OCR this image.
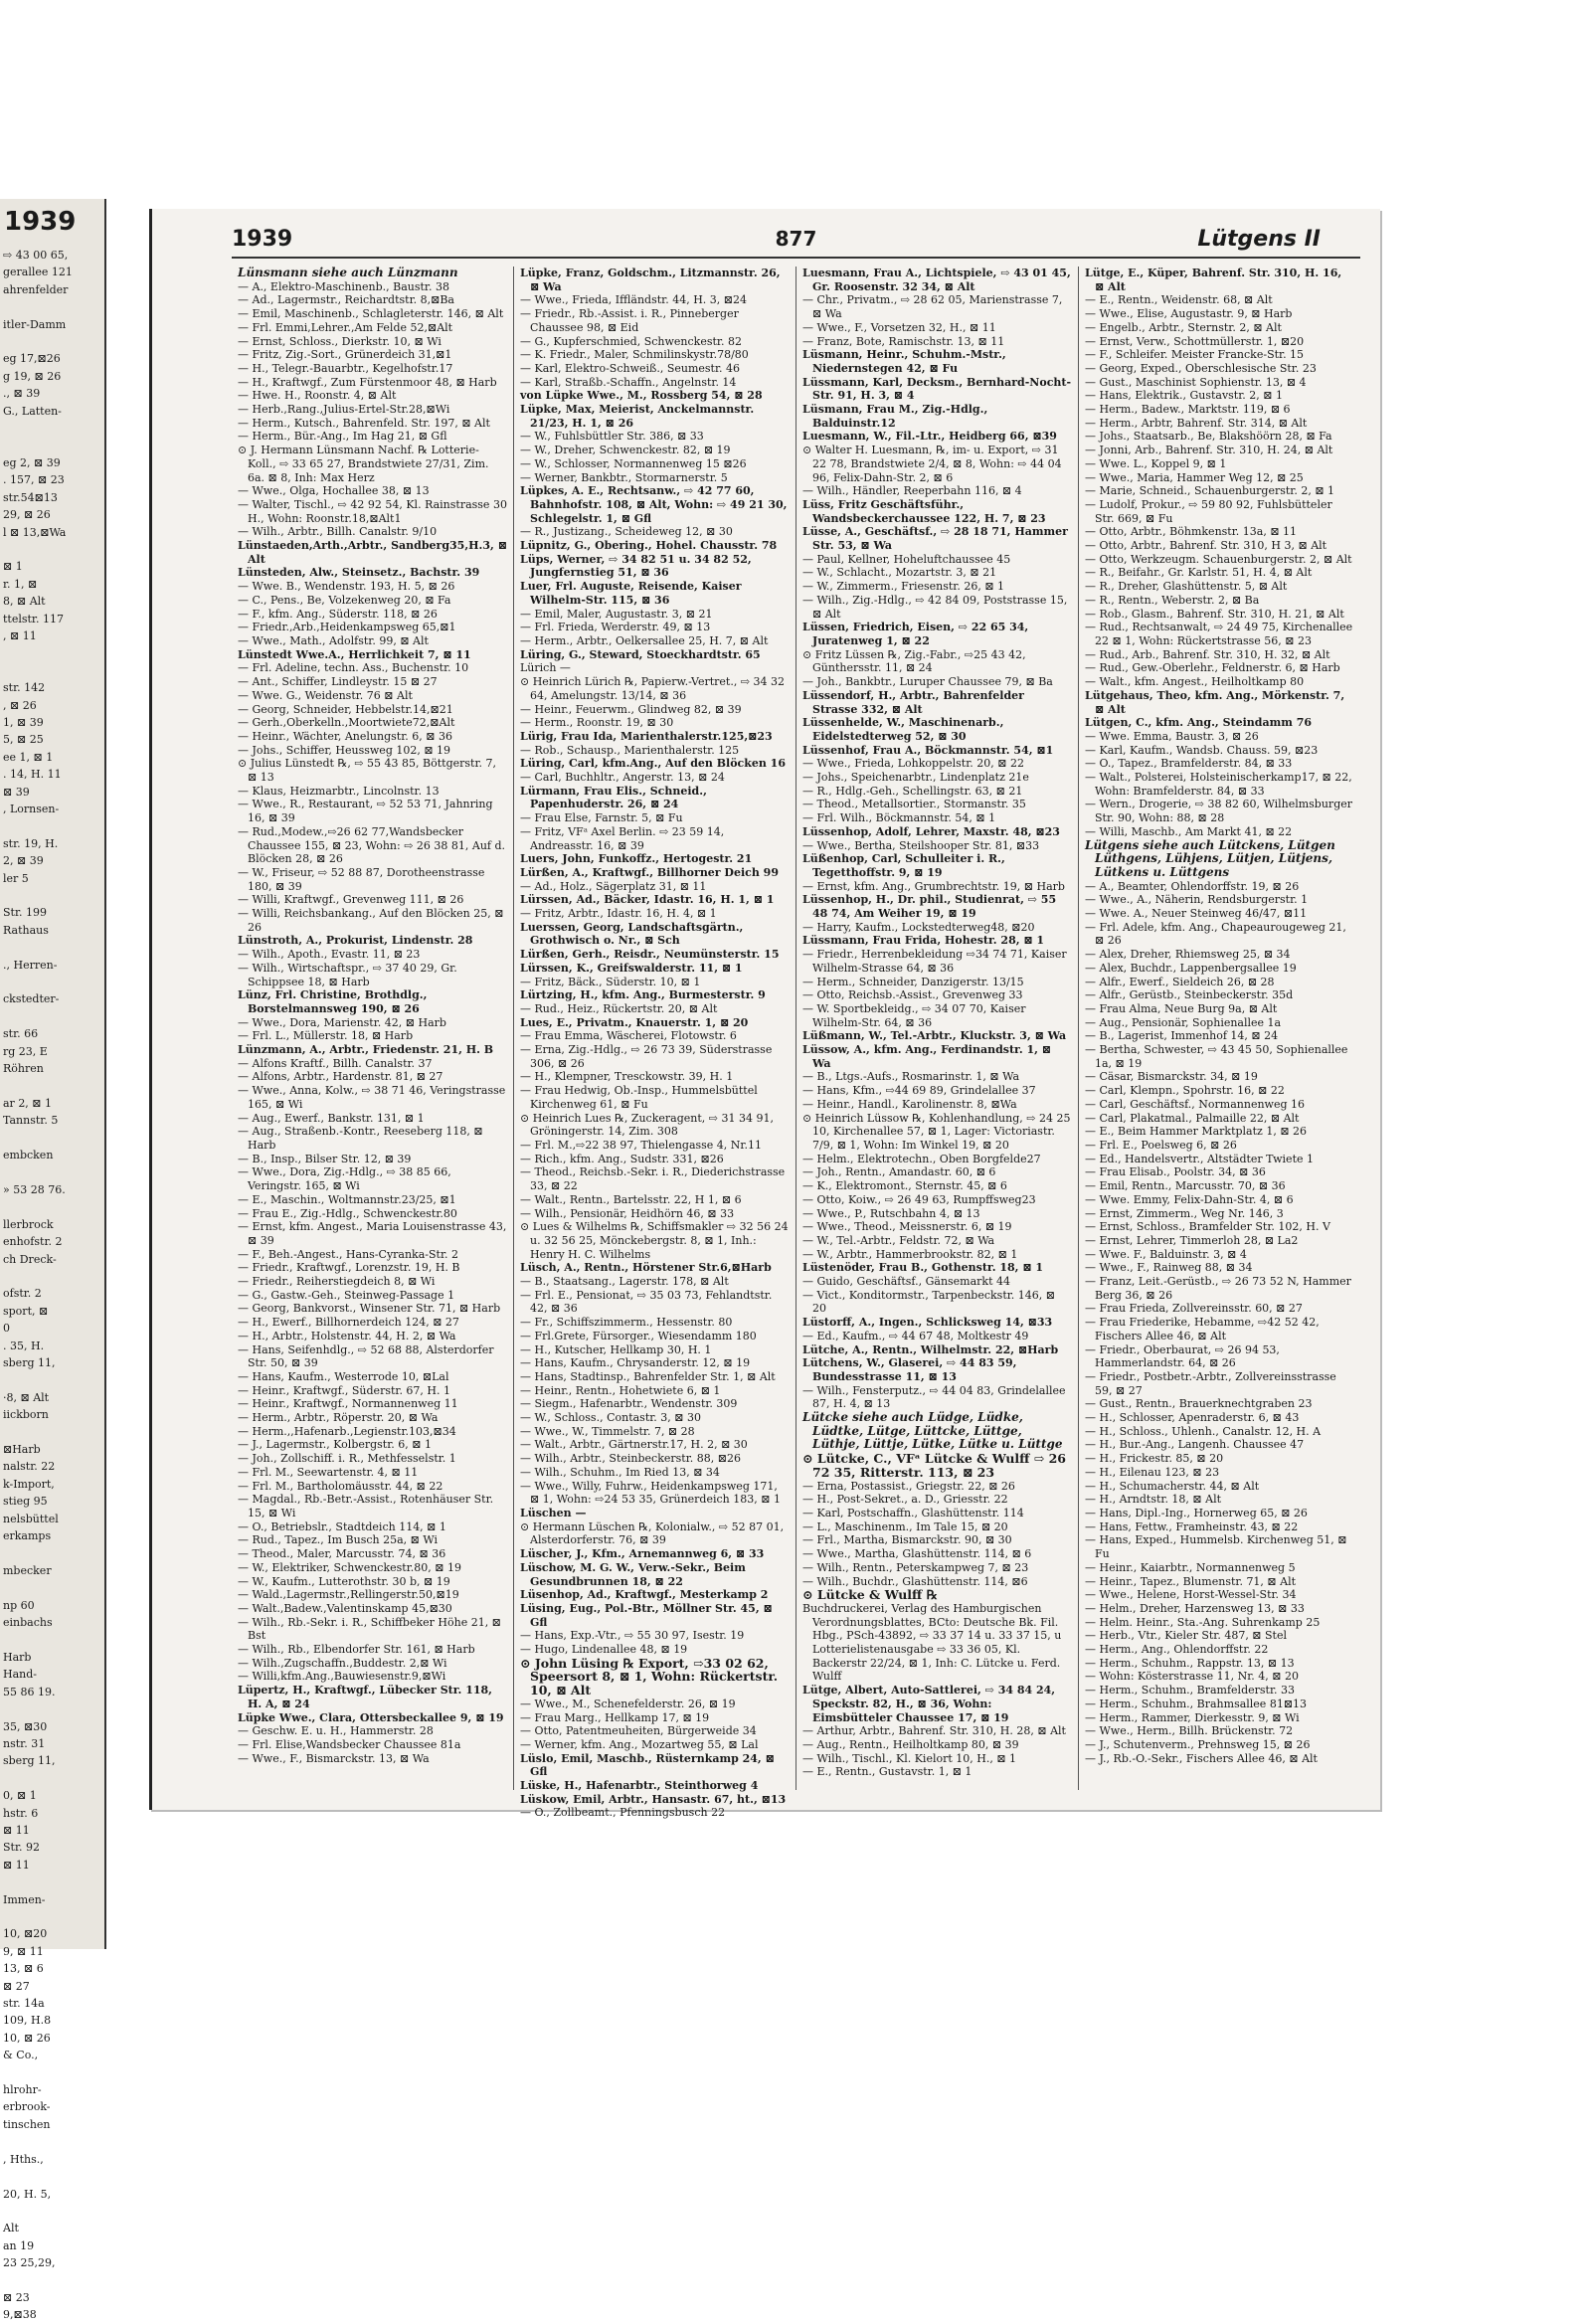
1939
⇨ 43 00 65,
gerallee 121
ahrenfelder

itler-Damm

eg 17,⊠26
g 19, ⊠ 26
., ⊠ 39
G., Latten-

eg 2, ⊠ 39
. 157, ⊠ 23
str.54⊠13
29, ⊠ 26
l ⊠ 13,⊠Wa

⊠ 1
r. 1, ⊠
8, ⊠ Alt
ttelstr. 117
, ⊠ 11

str. 142
, ⊠ 26
1, ⊠ 39
5, ⊠ 25
ee 1, ⊠ 1
. 14, H. 11
⊠ 39
, Lornsen-

str. 19, H.
2, ⊠ 39
ler 5

Str. 199
Rathaus

., Herren-

ckstedter-

str. 66
rg 23, E
Röhren

ar 2, ⊠ 1
Tannstr. 5

embcken

» 53 28 76.

llerbrock
enhofstr. 2
ch Dreck-

ofstr. 2
sport, ⊠
0
. 35, H.
sberg 11,

·8, ⊠ Alt
iickborn

⊠Harb
nalstr. 22
k-Import,
stieg 95
nelsbüttel
erkamps

mbecker

np 60
einbachs

Harb
Hand-
55 86 19.

35, ⊠30
nstr. 31
sberg 11,

0, ⊠ 1
hstr. 6
⊠ 11
Str. 92
⊠ 11

Immen-

10, ⊠20
9, ⊠ 11
13, ⊠ 6
⊠ 27
str. 14a
109, H.8
10, ⊠ 26
& Co.,

hlrohr-
erbrook-
tinschen

, Hths.,

20, H. 5,

Alt
an 19
23 25,29,

⊠ 23
9,⊠38
1939	877	Lütgens II

Lünsmann siehe auch Lünzmann

— A., Elektro-Maschinenb., Baustr. 38

— Ad., Lagermstr., Reichardtstr. 8,⊠Ba

— Emil, Maschinenb., Schlagleterstr. 146, ⊠ Alt

— Frl. Emmi,Lehrer.,Am Felde 52,⊠Alt

— Ernst, Schloss., Dierkstr. 10, ⊠ Wi

— Fritz, Zig.-Sort., Grünerdeich 31,⊠1

— H., Telegr.-Bauarbtr., Kegelhofstr.17

— H., Kraftwgf., Zum Fürstenmoor 48, ⊠ Harb

— Hwe. H., Roonstr. 4, ⊠ Alt

— Herb.,Rang.,Julius-Ertel-Str.28,⊠Wi

— Herm., Kutsch., Bahrenfeld. Str. 197, ⊠ Alt

— Herm., Bür.-Ang., Im Hag 21, ⊠ Gfl

⊙ J. Hermann Lünsmann Nachf. ℞ Lotterie-Koll., ⇨ 33 65 27, Brandstwiete 27/31, Zim. 6a. ⊠ 8, Inh: Max Herz

— Wwe., Olga, Hochallee 38, ⊠ 13

— Walter, Tischl., ⇨ 42 92 54, Kl. Rainstrasse 30 H., Wohn: Roonstr.18,⊠Alt1

— Wilh., Arbtr., Billh. Canalstr. 9/10

Lünstaeden,Arth.,Arbtr., Sandberg35,H.3, ⊠ Alt

Lünsteden, Alw., Steinsetz., Bachstr. 39

— Wwe. B., Wendenstr. 193, H. 5, ⊠ 26

— C., Pens., Be, Volzekenweg 20, ⊠ Fa

— F., kfm. Ang., Süderstr. 118, ⊠ 26

— Friedr.,Arb.,Heidenkampsweg 65,⊠1

— Wwe., Math., Adolfstr. 99, ⊠ Alt

Lünstedt Wwe.A., Herrlichkeit 7, ⊠ 11

— Frl. Adeline, techn. Ass., Buchenstr. 10

— Ant., Schiffer, Lindleystr. 15 ⊠ 27

— Wwe. G., Weidenstr. 76 ⊠ Alt

— Georg, Schneider, Hebbelstr.14,⊠21

— Gerh.,Oberkelln.,Moortwiete72,⊠Alt

— Heinr., Wächter, Anelungstr. 6, ⊠ 36

— Johs., Schiffer, Heussweg 102, ⊠ 19

⊙ Julius Lünstedt ℞, ⇨ 55 43 85, Böttgerstr. 7, ⊠ 13

— Klaus, Heizmarbtr., Lincolnstr. 13

— Wwe., R., Restaurant, ⇨ 52 53 71, Jahnring 16, ⊠ 39

— Rud.,Modew.,⇨26 62 77,Wandsbecker Chaussee 155, ⊠ 23, Wohn: ⇨ 26 38 81, Auf d. Blöcken 28, ⊠ 26

— W., Friseur, ⇨ 52 88 87, Dorotheenstrasse 180, ⊠ 39

— Willi, Kraftwgf., Grevenweg 111, ⊠ 26

— Willi, Reichsbankang., Auf den Blöcken 25, ⊠ 26

Lünstroth, A., Prokurist, Lindenstr. 28

— Wilh., Apoth., Evastr. 11, ⊠ 23

— Wilh., Wirtschaftspr., ⇨ 37 40 29, Gr. Schippsee 18, ⊠ Harb

Lünz, Frl. Christine, Brothdlg., Borstelmannsweg 190, ⊠ 26

— Wwe., Dora, Marienstr. 42, ⊠ Harb

— Frl. L., Müllerstr. 18, ⊠ Harb

Lünzmann, A., Arbtr., Friedenstr. 21, H. B

— Alfons Kraftf., Billh. Canalstr. 37

— Alfons, Arbtr., Hardenstr. 81, ⊠ 27

— Wwe., Anna, Kolw., ⇨ 38 71 46, Veringstrasse 165, ⊠ Wi

— Aug., Ewerf., Bankstr. 131, ⊠ 1

— Aug., Straßenb.-Kontr., Reeseberg 118, ⊠ Harb

— B., Insp., Bilser Str. 12, ⊠ 39

— Wwe., Dora, Zig.-Hdlg., ⇨ 38 85 66, Veringstr. 165, ⊠ Wi

— E., Maschin., Woltmannstr.23/25, ⊠1

— Frau E., Zig.-Hdlg., Schwenckestr.80

— Ernst, kfm. Angest., Maria Louisenstrasse 43, ⊠ 39

— F., Beh.-Angest., Hans-Cyranka-Str. 2

— Friedr., Kraftwgf., Lorenzstr. 19, H. B

— Friedr., Reiherstiegdeich 8, ⊠ Wi

— G., Gastw.-Geh., Steinweg-Passage 1

— Georg, Bankvorst., Winsener Str. 71, ⊠ Harb

— H., Ewerf., Billhornerdeich 124, ⊠ 27

— H., Arbtr., Holstenstr. 44, H. 2, ⊠ Wa

— Hans, Seifenhdlg., ⇨ 52 68 88, Alsterdorfer Str. 50, ⊠ 39

— Hans, Kaufm., Westerrode 10, ⊠Lal

— Heinr., Kraftwgf., Süderstr. 67, H. 1

— Heinr., Kraftwgf., Normannenweg 11

— Herm., Arbtr., Röperstr. 20, ⊠ Wa

— Herm.,,Hafenarb.,Legienstr.103,⊠34

— J., Lagermstr., Kolbergstr. 6, ⊠ 1

— Joh., Zollschiff. i. R., Methfesselstr. 1

— Frl. M., Seewartenstr. 4, ⊠ 11

— Frl. M., Bartholomäusstr. 44, ⊠ 22

— Magdal., Rb.-Betr.-Assist., Rotenhäuser Str. 15, ⊠ Wi

— O., Betriebslr., Stadtdeich 114, ⊠ 1

— Rud., Tapez., Im Busch 25a, ⊠ Wi

— Theod., Maler, Marcusstr. 74, ⊠ 36

— W., Elektriker, Schwenckestr.80, ⊠ 19

— W., Kaufm., Lutterothstr. 30 b, ⊠ 19

— Wald.,Lagermstr.,Rellingerstr.50,⊠19

— Walt.,Badew.,Valentinskamp 45,⊠30

— Wilh., Rb.-Sekr. i. R., Schiffbeker Höhe 21, ⊠ Bst

— Wilh., Rb., Elbendorfer Str. 161, ⊠ Harb

— Wilh.,Zugschaffn.,Buddestr. 2,⊠ Wi

— Willi,kfm.Ang.,Bauwiesenstr.9,⊠Wi

Lüpertz, H., Kraftwgf., Lübecker Str. 118, H. A, ⊠ 24

Lüpke Wwe., Clara, Ottersbeckallee 9, ⊠ 19

— Geschw. E. u. H., Hammerstr. 28

— Frl. Elise,Wandsbecker Chaussee 81a

— Wwe., F., Bismarckstr. 13, ⊠ Wa

Lüpke, Franz, Goldschm., Litzmannstr. 26, ⊠ Wa

— Wwe., Frieda, Iffländstr. 44, H. 3, ⊠24

— Friedr., Rb.-Assist. i. R., Pinneberger Chaussee 98, ⊠ Eid

— G., Kupferschmied, Schwenckestr. 82

— K. Friedr., Maler, Schmilinskystr.78/80

— Karl, Elektro-Schweiß., Seumestr. 46

— Karl, Straßb.-Schaffn., Angelnstr. 14

von Lüpke Wwe., M., Rossberg 54, ⊠ 28

Lüpke, Max, Meierist, Anckelmannstr. 21/23, H. 1, ⊠ 26

— W., Fuhlsbüttler Str. 386, ⊠ 33

— W., Dreher, Schwenckestr. 82, ⊠ 19

— W., Schlosser, Normannenweg 15 ⊠26

— Werner, Bankbtr., Stormarnerstr. 5

Lüpkes, A. E., Rechtsanw., ⇨ 42 77 60, Bahnhofstr. 108, ⊠ Alt, Wohn: ⇨ 49 21 30, Schlegelstr. 1, ⊠ Gfl

— R., Justizang., Scheideweg 12, ⊠ 30

Lüpnitz, G., Obering., Hohel. Chausstr. 78

Lüps, Werner, ⇨ 34 82 51 u. 34 82 52, Jungfernstieg 51, ⊠ 36

Luer, Frl. Auguste, Reisende, Kaiser Wilhelm-Str. 115, ⊠ 36

— Emil, Maler, Augustastr. 3, ⊠ 21

— Frl. Frieda, Werderstr. 49, ⊠ 13

— Herm., Arbtr., Oelkersallee 25, H. 7, ⊠ Alt

Lüring, G., Steward, Stoeckhardtstr. 65

Lürich —

⊙ Heinrich Lürich ℞, Papierw.-Vertret., ⇨ 34 32 64, Amelungstr. 13/14, ⊠ 36

— Heinr., Feuerwm., Glindweg 82, ⊠ 39

— Herm., Roonstr. 19, ⊠ 30

Lürig, Frau Ida, Marienthalerstr.125,⊠23

— Rob., Schausp., Marienthalerstr. 125

Lüring, Carl, kfm.Ang., Auf den Blöcken 16

— Carl, Buchhltr., Angerstr. 13, ⊠ 24

Lürmann, Frau Elis., Schneid., Papenhuderstr. 26, ⊠ 24

— Frau Else, Farnstr. 5, ⊠ Fu

— Fritz, ⅤFᵃ Axel Berlin. ⇨ 23 59 14, Andreasstr. 16, ⊠ 39

Luers, John, Funkoffz., Hertogestr. 21

Lürßen, A., Kraftwgf., Billhorner Deich 99

— Ad., Holz., Sägerplatz 31, ⊠ 11

Lürssen, Ad., Bäcker, Idastr. 16, H. 1, ⊠ 1

— Fritz, Arbtr., Idastr. 16, H. 4, ⊠ 1

Luerssen, Georg, Landschaftsgärtn., Grothwisch o. Nr., ⊠ Sch

Lürßen, Gerh., Reisdr., Neumünsterstr. 15

Lürssen, K., Greifswalderstr. 11, ⊠ 1

— Fritz, Bäck., Süderstr. 10, ⊠ 1

Lürtzing, H., kfm. Ang., Burmesterstr. 9

— Rud., Heiz., Rückertstr. 20, ⊠ Alt

Lues, E., Privatm., Knauerstr. 1, ⊠ 20

— Frau Emma, Wäscherei, Flotowstr. 6

— Erna, Zig.-Hdlg., ⇨ 26 73 39, Süderstrasse 306, ⊠ 26

— H., Klempner, Tresckowstr. 39, H. 1

— Frau Hedwig, Ob.-Insp., Hummelsbüttel Kirchenweg 61, ⊠ Fu

⊙ Heinrich Lues ℞, Zuckeragent, ⇨ 31 34 91, Gröningerstr. 14, Zim. 308

— Frl. M.,⇨22 38 97, Thielengasse 4, Nr.11

— Rich., kfm. Ang., Sudstr. 331, ⊠26

— Theod., Reichsb.-Sekr. i. R., Diederichstrasse 33, ⊠ 22

— Walt., Rentn., Bartelsstr. 22, H 1, ⊠ 6

— Wilh., Pensionär, Heidhörn 46, ⊠ 33

⊙ Lues & Wilhelms ℞, Schiffsmakler ⇨ 32 56 24 u. 32 56 25, Mönckebergstr. 8, ⊠ 1, Inh.: Henry H. C. Wilhelms

Lüsch, A., Rentn., Hörstener Str.6,⊠Harb

— B., Staatsang., Lagerstr. 178, ⊠ Alt

— Frl. E., Pensionat, ⇨ 35 03 73, Fehlandtstr. 42, ⊠ 36

— Fr., Schiffszimmerm., Hessenstr. 80

— Frl.Grete, Fürsorger., Wiesendamm 180

— H., Kutscher, Hellkamp 30, H. 1

— Hans, Kaufm., Chrysanderstr. 12, ⊠ 19

— Hans, Stadtinsp., Bahrenfelder Str. 1, ⊠ Alt

— Heinr., Rentn., Hohetwiete 6, ⊠ 1

— Siegm., Hafenarbtr., Wendenstr. 309

— W., Schloss., Contastr. 3, ⊠ 30

— Wwe., W., Timmelstr. 7, ⊠ 28

— Walt., Arbtr., Gärtnerstr.17, H. 2, ⊠ 30

— Wilh., Arbtr., Steinbeckerstr. 88, ⊠26

— Wilh., Schuhm., Im Ried 13, ⊠ 34

— Wwe., Willy, Fuhrw., Heidenkampsweg 171, ⊠ 1, Wohn: ⇨24 53 35, Grünerdeich 183, ⊠ 1

Lüschen —

⊙ Hermann Lüschen ℞, Kolonialw., ⇨ 52 87 01, Alsterdorferstr. 76, ⊠ 39

Lüscher, J., Kfm., Arnemannweg 6, ⊠ 33

Lüschow, M. G. W., Verw.-Sekr., Beim Gesundbrunnen 18, ⊠ 22

Lüsenhop, Ad., Kraftwgf., Mesterkamp 2

Lüsing, Eug., Pol.-Btr., Möllner Str. 45, ⊠ Gfl

— Hans, Exp.-Vtr., ⇨ 55 30 97, Isestr. 19

— Hugo, Lindenallee 48, ⊠ 19

⊙ John Lüsing ℞ Export, ⇨33 02 62, Speersort 8, ⊠ 1, Wohn: Rückertstr. 10, ⊠ Alt

— Wwe., M., Schenefelderstr. 26, ⊠ 19

— Frau Marg., Hellkamp 17, ⊠ 19

— Otto, Patentmeuheiten, Bürgerweide 34

— Werner, kfm. Ang., Mozartweg 55, ⊠ Lal

Lüslo, Emil, Maschb., Rüsternkamp 24, ⊠ Gfl

Lüske, H., Hafenarbtr., Steinthorweg 4

Lüskow, Emil, Arbtr., Hansastr. 67, ht., ⊠13

— O., Zollbeamt., Pfenningsbusch 22

Luesmann, Frau A., Lichtspiele, ⇨ 43 01 45, Gr. Roosenstr. 32 34, ⊠ Alt

— Chr., Privatm., ⇨ 28 62 05, Marienstrasse 7, ⊠ Wa

— Wwe., F., Vorsetzen 32, H., ⊠ 11

— Franz, Bote, Ramischstr. 13, ⊠ 11

Lüsmann, Heinr., Schuhm.-Mstr., Niedernstegen 42, ⊠ Fu

Lüssmann, Karl, Decksm., Bernhard-Nocht-Str. 91, H. 3, ⊠ 4

Lüsmann, Frau M., Zig.-Hdlg., Balduinstr.12

Luesmann, W., Fil.-Ltr., Heidberg 66, ⊠39

⊙ Walter H. Luesmann, ℞, im- u. Export, ⇨ 31 22 78, Brandstwiete 2/4, ⊠ 8, Wohn: ⇨ 44 04 96, Felix-Dahn-Str. 2, ⊠ 6

— Wilh., Händler, Reeperbahn 116, ⊠ 4

Lüss, Fritz Geschäftsführ., Wandsbeckerchaussee 122, H. 7, ⊠ 23

Lüsse, A., Geschäftsf., ⇨ 28 18 71, Hammer Str. 53, ⊠ Wa

— Paul, Kellner, Hoheluftchaussee 45

— W., Schlacht., Mozartstr. 3, ⊠ 21

— W., Zimmerm., Friesenstr. 26, ⊠ 1

— Wilh., Zig.-Hdlg., ⇨ 42 84 09, Poststrasse 15, ⊠ Alt

Lüssen, Friedrich, Eisen, ⇨ 22 65 34, Juratenweg 1, ⊠ 22

⊙ Fritz Lüssen ℞, Zig.-Fabr., ⇨25 43 42, Günthersstr. 11, ⊠ 24

— Joh., Bankbtr., Luruper Chaussee 79, ⊠ Ba

Lüssendorf, H., Arbtr., Bahrenfelder Strasse 332, ⊠ Alt

Lüssenhelde, W., Maschinenarb., Eidelstedterweg 52, ⊠ 30

Lüssenhof, Frau A., Böckmannstr. 54, ⊠1

— Wwe., Frieda, Lohkoppelstr. 20, ⊠ 22

— Johs., Speichenarbtr., Lindenplatz 21e

— R., Hdlg.-Geh., Schellingstr. 63, ⊠ 21

— Theod., Metallsortier., Stormanstr. 35

— Frl. Wilh., Böckmannstr. 54, ⊠ 1

Lüssenhop, Adolf, Lehrer, Maxstr. 48, ⊠23

— Wwe., Bertha, Steilshooper Str. 81, ⊠33

Lüßenhop, Carl, Schulleiter i. R., Tegetthoffstr. 9, ⊠ 19

— Ernst, kfm. Ang., Grumbrechtstr. 19, ⊠ Harb

Lüssenhop, H., Dr. phil., Studienrat, ⇨ 55 48 74, Am Weiher 19, ⊠ 19

— Harry, Kaufm., Lockstedterweg48, ⊠20

Lüssmann, Frau Frida, Hohestr. 28, ⊠ 1

— Friedr., Herrenbekleidung ⇨34 74 71, Kaiser Wilhelm-Strasse 64, ⊠ 36

— Herm., Schneider, Danzigerstr. 13/15

— Otto, Reichsb.-Assist., Grevenweg 33

— W. Sportbekleidg., ⇨ 34 07 70, Kaiser Wilhelm-Str. 64, ⊠ 36

Lüßmann, W., Tel.-Arbtr., Kluckstr. 3, ⊠ Wa

Lüssow, A., kfm. Ang., Ferdinandstr. 1, ⊠ Wa

— B., Ltgs.-Aufs., Rosmarinstr. 1, ⊠ Wa

— Hans, Kfm., ⇨44 69 89, Grindelallee 37

— Heinr., Handl., Karolinenstr. 8, ⊠Wa

⊙ Heinrich Lüssow ℞, Kohlenhandlung, ⇨ 24 25 10, Kirchenallee 57, ⊠ 1, Lager: Victoriastr. 7/9, ⊠ 1, Wohn: Im Winkel 19, ⊠ 20

— Helm., Elektrotechn., Oben Borgfelde27

— Joh., Rentn., Amandastr. 60, ⊠ 6

— K., Elektromont., Sternstr. 45, ⊠ 6

— Otto, Koiw., ⇨ 26 49 63, Rumpffsweg23

— Wwe., P., Rutschbahn 4, ⊠ 13

— Wwe., Theod., Meissnerstr. 6, ⊠ 19

— W., Tel.-Arbtr., Feldstr. 72, ⊠ Wa

— W., Arbtr., Hammerbrookstr. 82, ⊠ 1

Lüstenöder, Frau B., Gothenstr. 18, ⊠ 1

— Guido, Geschäftsf., Gänsemarkt 44

— Vict., Konditormstr., Tarpenbeckstr. 146, ⊠ 20

Lüstorff, A., Ingen., Schlicksweg 14, ⊠33

— Ed., Kaufm., ⇨ 44 67 48, Moltkestr 49

Lütche, A., Rentn., Wilhelmstr. 22, ⊠Harb

Lütchens, W., Glaserei, ⇨ 44 83 59, Bundesstrasse 11, ⊠ 13

— Wilh., Fensterputz., ⇨ 44 04 83, Grindelallee 87, H. 4, ⊠ 13

Lütcke siehe auch Lüdge, Lüdke, Lüdtke, Lütge, Lüttcke, Lüttge, Lüthje, Lüttje, Lütke, Lütke u. Lüttge

⊙ Lütcke, C., ⅤFᵃ Lütcke & Wulff ⇨ 26 72 35, Ritterstr. 113, ⊠ 23

— Erna, Postassist., Griegstr. 22, ⊠ 26

— H., Post-Sekret., a. D., Griesstr. 22

— Karl, Postschaffn., Glashüttenstr. 114

— L., Maschinenm., Im Tale 15, ⊠ 20

— Frl., Martha, Bismarckstr. 90, ⊠ 30

— Wwe., Martha, Glashüttenstr. 114, ⊠ 6

— Wilh., Rentn., Peterskampweg 7, ⊠ 23

— Wilh., Buchdr., Glashüttenstr. 114, ⊠6

⊙ Lütcke & Wulff ℞

Buchdruckerei, Verlag des Hamburgischen Verordnungsblattes, BCto: Deutsche Bk. Fil. Hbg., PSch-43892, ⇨ 33 37 14 u. 33 37 15, u Lotterielistenausgabe ⇨ 33 36 05, Kl. Backerstr 22/24, ⊠ 1, Inh: C. Lütcke u. Ferd. Wulff

Lütge, Albert, Auto-Sattlerei, ⇨ 34 84 24, Speckstr. 82, H., ⊠ 36, Wohn: Eimsbütteler Chaussee 17, ⊠ 19

— Arthur, Arbtr., Bahrenf. Str. 310, H. 28, ⊠ Alt

— Aug., Rentn., Heilholtkamp 80, ⊠ 39

— Wilh., Tischl., Kl. Kielort 10, H., ⊠ 1

— E., Rentn., Gustavstr. 1, ⊠ 1

Lütge, E., Küper, Bahrenf. Str. 310, H. 16, ⊠ Alt

— E., Rentn., Weidenstr. 68, ⊠ Alt

— Wwe., Elise, Augustastr. 9, ⊠ Harb

— Engelb., Arbtr., Sternstr. 2, ⊠ Alt

— Ernst, Verw., Schottmüllerstr. 1, ⊠20

— F., Schleifer. Meister Francke-Str. 15

— Georg, Exped., Oberschlesische Str. 23

— Gust., Maschinist Sophienstr. 13, ⊠ 4

— Hans, Elektrik., Gustavstr. 2, ⊠ 1

— Herm., Badew., Marktstr. 119, ⊠ 6

— Herm., Arbtr, Bahrenf. Str. 314, ⊠ Alt

— Johs., Staatsarb., Be, Blakshöörn 28, ⊠ Fa

— Jonni, Arb., Bahrenf. Str. 310, H. 24, ⊠ Alt

— Wwe. L., Koppel 9, ⊠ 1

— Wwe., Maria, Hammer Weg 12, ⊠ 25

— Marie, Schneid., Schauenburgerstr. 2, ⊠ 1

— Ludolf, Prokur., ⇨ 59 80 92, Fuhlsbütteler Str. 669, ⊠ Fu

— Otto, Arbtr., Böhmkenstr. 13a, ⊠ 11

— Otto, Arbtr., Bahrenf. Str. 310, H 3, ⊠ Alt

— Otto, Werkzeugm. Schauenburgerstr. 2, ⊠ Alt

— R., Beifahr., Gr. Karlstr. 51, H. 4, ⊠ Alt

— R., Dreher, Glashüttenstr. 5, ⊠ Alt

— R., Rentn., Weberstr. 2, ⊠ Ba

— Rob., Glasm., Bahrenf. Str. 310, H. 21, ⊠ Alt

— Rud., Rechtsanwalt, ⇨ 24 49 75, Kirchenallee 22 ⊠ 1, Wohn: Rückertstrasse 56, ⊠ 23

— Rud., Arb., Bahrenf. Str. 310, H. 32, ⊠ Alt

— Rud., Gew.-Oberlehr., Feldnerstr. 6, ⊠ Harb

— Walt., kfm. Angest., Heilholtkamp 80

Lütgehaus, Theo, kfm. Ang., Mörkenstr. 7, ⊠ Alt

Lütgen, C., kfm. Ang., Steindamm 76

— Wwe. Emma, Baustr. 3, ⊠ 26

— Karl, Kaufm., Wandsb. Chauss. 59, ⊠23

— O., Tapez., Bramfelderstr. 84, ⊠ 33

— Walt., Polsterei, Holsteinischerkamp17, ⊠ 22, Wohn: Bramfelderstr. 84, ⊠ 33

— Wern., Drogerie, ⇨ 38 82 60, Wilhelmsburger Str. 90, Wohn: 88, ⊠ 28

— Willi, Maschb., Am Markt 41, ⊠ 22

Lütgens siehe auch Lütckens, Lütgen Lüthgens, Lühjens, Lütjen, Lütjens, Lütkens u. Lüttgens

— A., Beamter, Ohlendorffstr. 19, ⊠ 26

— Wwe., A., Näherin, Rendsburgerstr. 1

— Wwe. A., Neuer Steinweg 46/47, ⊠11

— Frl. Adele, kfm. Ang., Chapeaurougeweg 21, ⊠ 26

— Alex, Dreher, Rhiemsweg 25, ⊠ 34

— Alex, Buchdr., Lappenbergsallee 19

— Alfr., Ewerf., Sieldeich 26, ⊠ 28

— Alfr., Gerüstb., Steinbeckerstr. 35d

— Frau Alma, Neue Burg 9a, ⊠ Alt

— Aug., Pensionär, Sophienallee 1a

— B., Lagerist, Immenhof 14, ⊠ 24

— Bertha, Schwester, ⇨ 43 45 50, Sophienallee 1a, ⊠ 19

— Cäsar, Bismarckstr. 34, ⊠ 19

— Carl, Klempn., Spohrstr. 16, ⊠ 22

— Carl, Geschäftsf., Normannenweg 16

— Carl, Plakatmal., Palmaille 22, ⊠ Alt

— E., Beim Hammer Marktplatz 1, ⊠ 26

— Frl. E., Poelsweg 6, ⊠ 26

— Ed., Handelsvertr., Altstädter Twiete 1

— Frau Elisab., Poolstr. 34, ⊠ 36

— Emil, Rentn., Marcusstr. 70, ⊠ 36

— Wwe. Emmy, Felix-Dahn-Str. 4, ⊠ 6

— Ernst, Zimmerm., Weg Nr. 146, 3

— Ernst, Schloss., Bramfelder Str. 102, H. V

— Ernst, Lehrer, Timmerloh 28, ⊠ La2

— Wwe. F., Balduinstr. 3, ⊠ 4

— Wwe., F., Rainweg 88, ⊠ 34

— Franz, Leit.-Gerüstb., ⇨ 26 73 52 N, Hammer Berg 36, ⊠ 26

— Frau Frieda, Zollvereinsstr. 60, ⊠ 27

— Frau Friederike, Hebamme, ⇨42 52 42, Fischers Allee 46, ⊠ Alt

— Friedr., Oberbaurat, ⇨ 26 94 53, Hammerlandstr. 64, ⊠ 26

— Friedr., Postbetr.-Arbtr., Zollvereinsstrasse 59, ⊠ 27

— Gust., Rentn., Brauerknechtgraben 23

— H., Schlosser, Apenraderstr. 6, ⊠ 43

— H., Schloss., Uhlenh., Canalstr. 12, H. A

— H., Bur.-Ang., Langenh. Chaussee 47

— H., Frickestr. 85, ⊠ 20

— H., Eilenau 123, ⊠ 23

— H., Schumacherstr. 44, ⊠ Alt

— H., Arndtstr. 18, ⊠ Alt

— Hans, Dipl.-Ing., Hornerweg 65, ⊠ 26

— Hans, Fettw., Framheinstr. 43, ⊠ 22

— Hans, Exped., Hummelsb. Kirchenweg 51, ⊠ Fu

— Heinr., Kaiarbtr., Normannenweg 5

— Heinr., Tapez., Blumenstr. 71, ⊠ Alt

— Wwe., Helene, Horst-Wessel-Str. 34

— Helm., Dreher, Harzensweg 13, ⊠ 33

— Helm. Heinr., Sta.-Ang. Suhrenkamp 25

— Herb., Vtr., Kieler Str. 487, ⊠ Stel

— Herm., Ang., Ohlendorffstr. 22

— Herm., Schuhm., Rappstr. 13, ⊠ 13

— Wohn: Kösterstrasse 11, Nr. 4, ⊠ 20

— Herm., Schuhm., Bramfelderstr. 33

— Herm., Schuhm., Brahmsallee 81⊠13

— Herm., Rammer, Dierkesstr. 9, ⊠ Wi

— Wwe., Herm., Billh. Brückenstr. 72

— J., Schutenverm., Prehnsweg 15, ⊠ 26

— J., Rb.-O.-Sekr., Fischers Allee 46, ⊠ Alt
